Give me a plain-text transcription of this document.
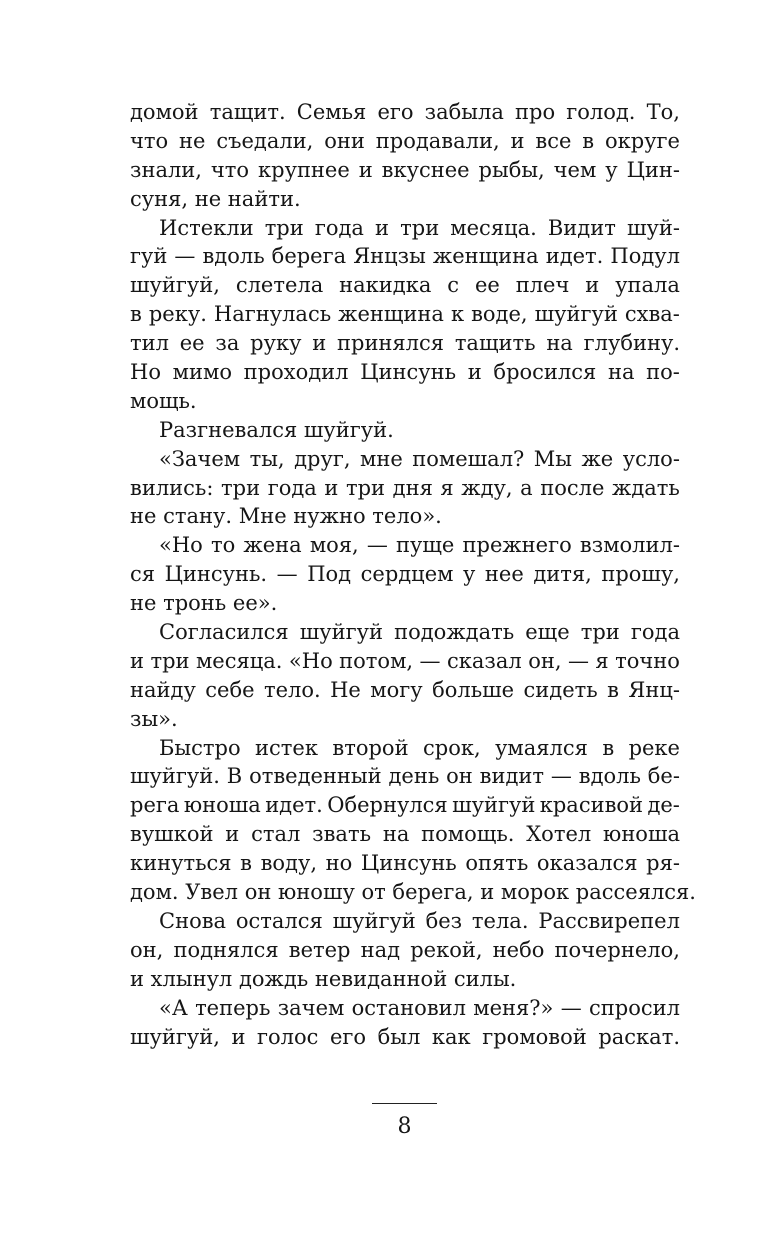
домой тащит. Семья его забыла про голод. То,
что не съедали, они продавали, и все в округе
знали, что крупнее и вкуснее рыбы, чем у Цин-
суня, не найти.
Истекли три года и три месяца. Видит шуй-
гуй — вдоль берега Янцзы женщина идет. Подул
шуйгуй, слетела накидка с ее плеч и упала
в реку. Нагнулась женщина к воде, шуйгуй схва-
тил ее за руку и принялся тащить на глубину.
Но мимо проходил Цинсунь и бросился на по-
мощь.
Разгневался шуйгуй.
«Зачем ты, друг, мне помешал? Мы же усло-
вились: три года и три дня я жду, а после ждать
не стану. Мне нужно тело».
«Но то жена моя, — пуще прежнего взмолил-
ся Цинсунь. — Под сердцем у нее дитя, прошу,
не тронь ее».
Согласился шуйгуй подождать еще три года
и три месяца. «Но потом, — сказал он, — я точно
найду себе тело. Не могу больше сидеть в Янц-
зы».
Быстро истек второй срок, умаялся в реке
шуйгуй. В отведенный день он видит — вдоль бе-
рега юноша идет. Обернулся шуйгуй красивой де-
вушкой и стал звать на помощь. Хотел юноша
кинуться в воду, но Цинсунь опять оказался ря-
дом. Увел он юношу от берега, и морок рассеялся.
Снова остался шуйгуй без тела. Рассвирепел
он, поднялся ветер над рекой, небо почернело,
и хлынул дождь невиданной силы.
«А теперь зачем остановил меня?» — спросил
шуйгуй, и голос его был как громовой раскат.
8
